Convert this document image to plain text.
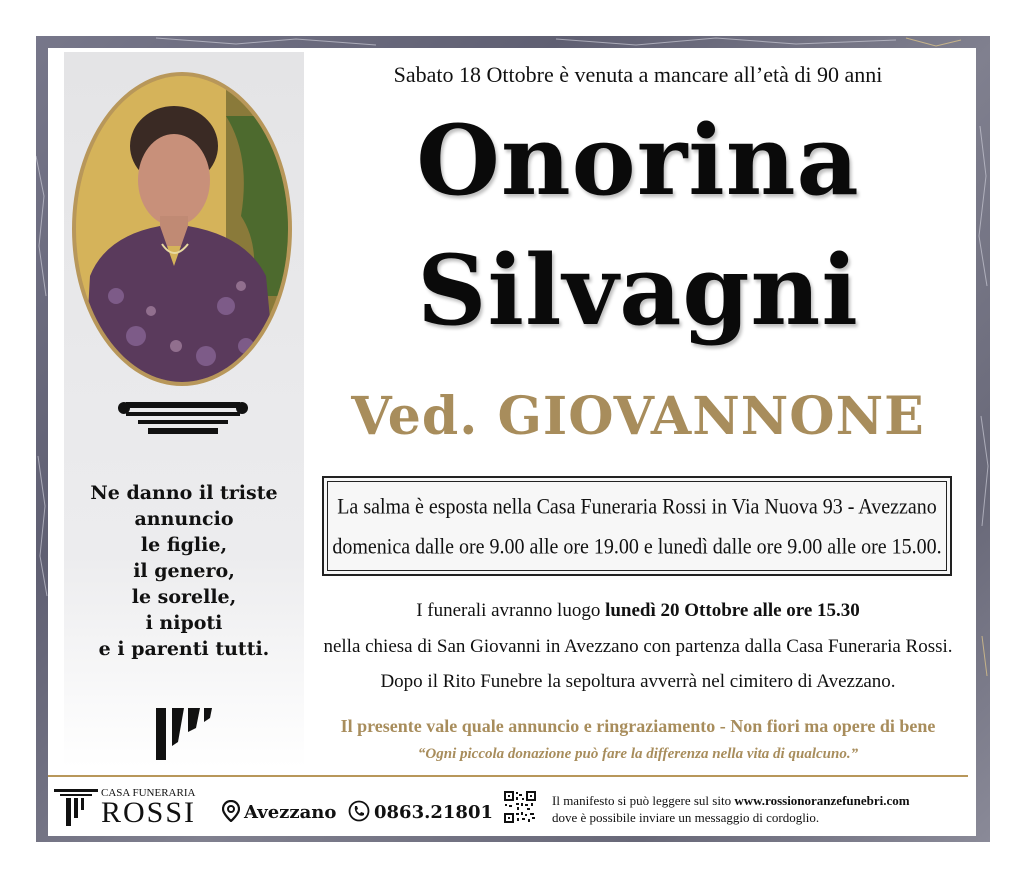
Ne danno il triste
annuncio
le figlie,
il genero,
le sorelle,
i nipoti
e i parenti tutti.
Sabato 18 Ottobre è venuta a mancare all’età di 90 anni
Onorina
Silvagni
Ved. GIOVANNONE
La salma è esposta nella Casa Funeraria Rossi in Via Nuova 93 - Avezzano
domenica dalle ore 9.00 alle ore 19.00 e lunedì dalle ore 9.00 alle ore 15.00.
I funerali avranno luogo lunedì 20 Ottobre alle ore 15.30
nella chiesa di San Giovanni in Avezzano con partenza dalla Casa Funeraria Rossi.
Dopo il Rito Funebre la sepoltura avverrà nel cimitero di Avezzano.
Il presente vale quale annuncio e ringraziamento - Non fiori ma opere di bene
“Ogni piccola donazione può fare la differenza nella vita di qualcuno.”
CASA FUNERARIA
ROSSI	Avezzano	0863.21801
Il manifesto si può leggere sul sito www.rossionoranzefunebri.com
dove è possibile inviare un messaggio di cordoglio.
